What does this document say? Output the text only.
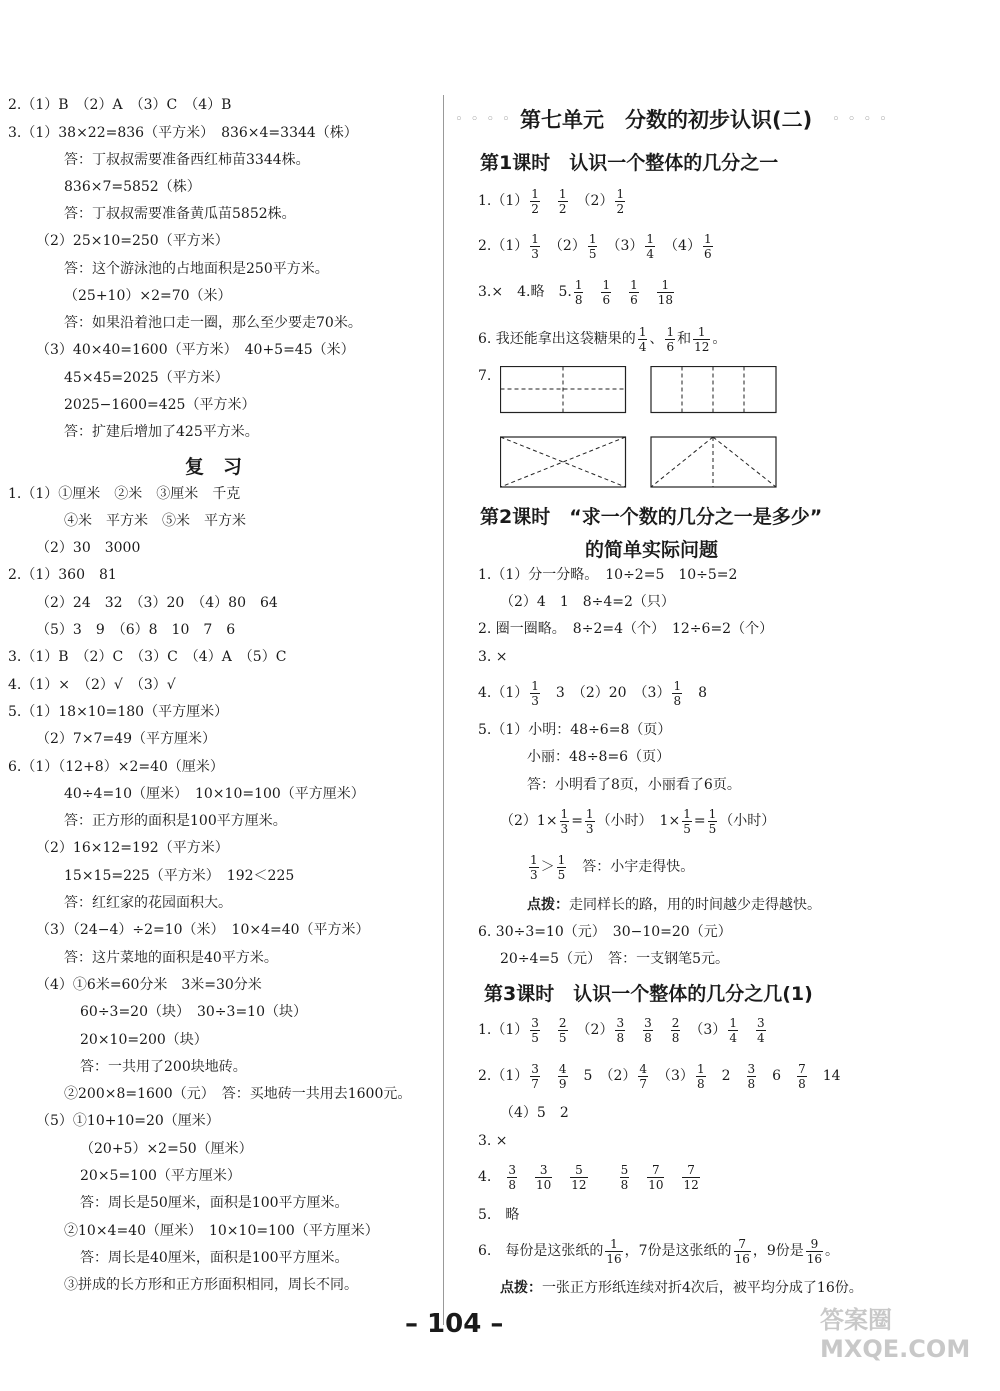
2.（1）B　（2）A　（3）C　（4）B
3.（1）38×22=836（平方米）　836×4=3344（株）
答：丁叔叔需要准备西红柿苗3344株。
836×7=5852（株）
答：丁叔叔需要准备黄瓜苗5852株。
（2）25×10=250（平方米）
答：这个游泳池的占地面积是250平方米。
（25+10）×2=70（米）
答：如果沿着池口走一圈，那么至少要走70米。
（3）40×40=1600（平方米）　40+5=45（米）
45×45=2025（平方米）
2025−1600=425（平方米）
答：扩建后增加了425平方米。
复　习
1.（1）①厘米　②米　③厘米　千克
④米　平方米　⑤米　平方米
（2）30　3000
2.（1）360　81
（2）24　32　（3）20　（4）80　64
（5）3　9　（6）8　10　7　6
3.（1）B　（2）C　（3）C　（4）A　（5）C
4.（1）×　（2）√　（3）√
5.（1）18×10=180（平方厘米）
（2）7×7=49（平方厘米）
6.（1）（12+8）×2=40（厘米）
40÷4=10（厘米）　10×10=100（平方厘米）
答：正方形的面积是100平方厘米。
（2）16×12=192（平方米）
15×15=225（平方米）　192＜225
答：红红家的花园面积大。
（3）（24−4）÷2=10（米）　10×4=40（平方米）
答：这片菜地的面积是40平方米。
（4）①6米=60分米　3米=30分米
60÷3=20（块）　30÷3=10（块）
20×10=200（块）
答：一共用了200块地砖。
②200×8=1600（元）　答：买地砖一共用去1600元。
（5）①10+10=20（厘米）
（20+5）×2=50（厘米）
20×5=100（平方厘米）
答：周长是50厘米，面积是100平方厘米。
②10×4=40（厘米）　10×10=100（平方厘米）
答：周长是40厘米，面积是100平方厘米。
③拼成的长方形和正方形面积相同，周长不同。
◦◦◦◦ 第七单元　分数的初步认识(二) ◦◦◦◦
第1课时　认识一个整体的几分之一
$1.(1) \frac{1}{2}$
　 $\frac{1}{2}$
　 $(2) \frac{1}{2}$
$2.(1) \frac{1}{3}$
　 $(2) \frac{1}{5}$
　 $(3) \frac{1}{4}$
　 $(4) \frac{1}{6}$
3.×　4.略　5. $\frac{1}{8}$
　 $\frac{1}{6}$
　 $\frac{1}{6}$
　 $\frac{1}{18}$
6. 我还能拿出这袋糖果的 $\frac{1}{4}$ 、 $\frac{1}{6}$ 和 $\frac{1}{12}$ 。
7.
第2课时　“求一个数的几分之一是多少”
的简单实际问题
1.（1）分一分略。　10÷2=5　10÷5=2
（2）4　1　8÷4=2（只）
2. 圈一圈略。　8÷2=4（个）　12÷6=2（个）
3. ×
$4.(1) \frac{1}{3}$
　 3　（2）20　$(3) \frac{1}{8}$
　 8
5.（1）小明：48÷6=8（页）
小丽：48÷8=6（页）
答：小明看了8页，小丽看了6页。
$(2)1\times \frac{1}{3} = \frac{1}{3}$ （小时）　$1\times \frac{1}{5} = \frac{1}{5}$ （小时）
$\frac{1}{3} > \frac{1}{5}$ 　答：小宇走得快。
点拨：走同样长的路，用的时间越少走得越快。
6. 30÷3=10（元）　30−10=20（元）
20÷4=5（元）　答：一支钢笔5元。
第3课时　认识一个整体的几分之几(1)
$1.(1) \frac{3}{5}$
　 $\frac{2}{5}$
　 $(2) \frac{3}{8}$
　 $\frac{3}{8}$
　 $\frac{2}{8}$
　 $(3) \frac{1}{4}$
　 $\frac{3}{4}$
$2.(1) \frac{3}{7}$
　 $\frac{4}{9}$
　 5　$(2) \frac{4}{7}$
　 $(3) \frac{1}{8}$
　 2　 $\frac{3}{8}$
　 6　 $\frac{7}{8}$
　 14
（4）5　2
3. ×
4.　 $\frac{3}{8}$
　 $\frac{3}{10}$
　 $\frac{5}{12}$
　　	$\frac{5}{8}$
　 $\frac{7}{10}$
　 $\frac{7}{12}$
5.　略
6.　每份是这张纸的 $\frac{1}{16}$ ，7份是这张纸的 $\frac{7}{16}$ ，9份是 $\frac{9}{16}$ 。
点拨：一张正方形纸连续对折4次后，被平均分成了16份。
– 104 –	答案圈 MXQE.COM
